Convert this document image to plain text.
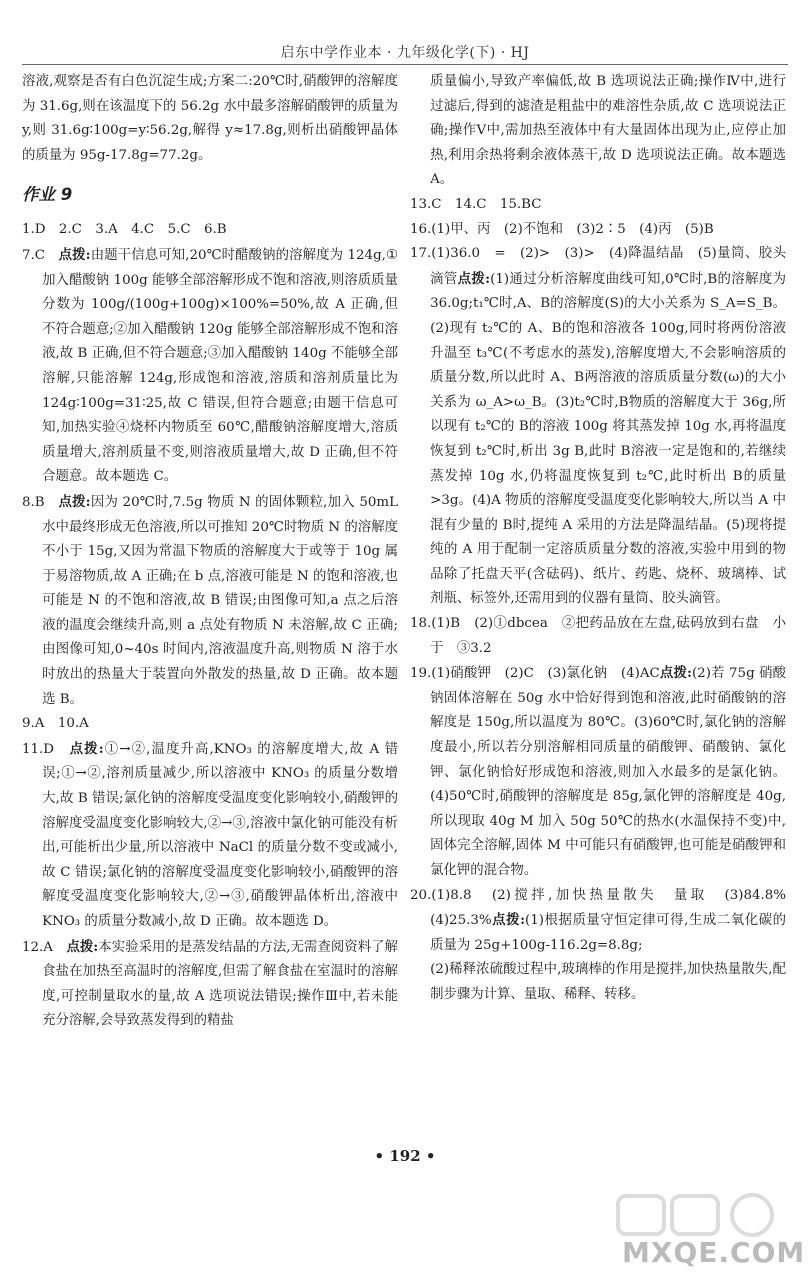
启东中学作业本 · 九年级化学(下) · HJ

溶液,观察是否有白色沉淀生成;方案二:20℃时,硝酸钾的溶解度为 31.6g,则在该温度下的 56.2g 水中最多溶解硝酸钾的质量为 y,则 31.6g∶100g=y∶56.2g,解得 y≈17.8g,则析出硝酸钾晶体的质量为 95g-17.8g=77.2g。

作业 9

1.D　2.C　3.A　4.C　5.C　6.B

7.C　点拨:由题干信息可知,20℃时醋酸钠的溶解度为 124g,①加入醋酸钠 100g 能够全部溶解形成不饱和溶液,则溶质质量分数为 100g/(100g+100g)×100%=50%,故 A 正确,但不符合题意;②加入醋酸钠 120g 能够全部溶解形成不饱和溶液,故 B 正确,但不符合题意;③加入醋酸钠 140g 不能够全部溶解,只能溶解 124g,形成饱和溶液,溶质和溶剂质量比为 124g∶100g=31∶25,故 C 错误,但符合题意;由题干信息可知,加热实验④烧杯内物质至 60℃,醋酸钠溶解度增大,溶质质量增大,溶剂质量不变,则溶液质量增大,故 D 正确,但不符合题意。故本题选 C。

8.B　点拨:因为 20℃时,7.5g 物质 N 的固体颗粒,加入 50mL 水中最终形成无色溶液,所以可推知 20℃时物质 N 的溶解度不小于 15g,又因为常温下物质的溶解度大于或等于 10g 属于易溶物质,故 A 正确;在 b 点,溶液可能是 N 的饱和溶液,也可能是 N 的不饱和溶液,故 B 错误;由图像可知,a 点之后溶液的温度会继续升高,则 a 点处有物质 N 未溶解,故 C 正确;由图像可知,0~40s 时间内,溶液温度升高,则物质 N 溶于水时放出的热量大于装置向外散发的热量,故 D 正确。故本题选 B。

9.A　10.A

11.D　点拨:①→②,温度升高,KNO₃ 的溶解度增大,故 A 错误;①→②,溶剂质量减少,所以溶液中 KNO₃ 的质量分数增大,故 B 错误;氯化钠的溶解度受温度变化影响较小,硝酸钾的溶解度受温度变化影响较大,②→③,溶液中氯化钠可能没有析出,可能析出少量,所以溶液中 NaCl 的质量分数不变或减小,故 C 错误;氯化钠的溶解度受温度变化影响较小,硝酸钾的溶解度受温度变化影响较大,②→③,硝酸钾晶体析出,溶液中 KNO₃ 的质量分数减小,故 D 正确。故本题选 D。

12.A　点拨:本实验采用的是蒸发结晶的方法,无需查阅资料了解食盐在加热至高温时的溶解度,但需了解食盐在室温时的溶解度,可控制量取水的量,故 A 选项说法错误;操作Ⅲ中,若未能充分溶解,会导致蒸发得到的精盐

质量偏小,导致产率偏低,故 B 选项说法正确;操作Ⅳ中,进行过滤后,得到的滤渣是粗盐中的难溶性杂质,故 C 选项说法正确;操作Ⅴ中,需加热至液体中有大量固体出现为止,应停止加热,利用余热将剩余液体蒸干,故 D 选项说法正确。故本题选 A。

13.C　14.C　15.BC

16.(1)甲、丙　(2)不饱和　(3)2∶5　(4)丙　(5)B

17.(1)36.0　=　(2)>　(3)>　(4)降温结晶　(5)量筒、胶头滴管点拨:(1)通过分析溶解度曲线可知,0℃时,B的溶解度为 36.0g;t₁℃时,A、B的溶解度(S)的大小关系为 S_A=S_B。(2)现有 t₂℃的 A、B的饱和溶液各 100g,同时将两份溶液升温至 t₃℃(不考虑水的蒸发),溶解度增大,不会影响溶质的质量分数,所以此时 A、B两溶液的溶质质量分数(ω)的大小关系为 ω_A>ω_B。(3)t₂℃时,B物质的溶解度大于 36g,所以现有 t₂℃的 B的溶液 100g 将其蒸发掉 10g 水,再将温度恢复到 t₂℃时,析出 3g B,此时 B溶液一定是饱和的,若继续蒸发掉 10g 水,仍将温度恢复到 t₂℃,此时析出 B的质量>3g。(4)A 物质的溶解度受温度变化影响较大,所以当 A 中混有少量的 B时,提纯 A 采用的方法是降温结晶。(5)现将提纯的 A 用于配制一定溶质质量分数的溶液,实验中用到的物品除了托盘天平(含砝码)、纸片、药匙、烧杯、玻璃棒、试剂瓶、标签外,还需用到的仪器有量筒、胶头滴管。

18.(1)B　(2)①dbcea　②把药品放在左盘,砝码放到右盘　小于　③3.2

19.(1)硝酸钾　(2)C　(3)氯化钠　(4)AC点拨:(2)若 75g 硝酸钠固体溶解在 50g 水中恰好得到饱和溶液,此时硝酸钠的溶解度是 150g,所以温度为 80℃。(3)60℃时,氯化钠的溶解度最小,所以若分别溶解相同质量的硝酸钾、硝酸钠、氯化钾、氯化钠恰好形成饱和溶液,则加入水最多的是氯化钠。(4)50℃时,硝酸钾的溶解度是 85g,氯化钾的溶解度是 40g,所以现取 40g M 加入 50g 50℃的热水(水温保持不变)中,固体完全溶解,固体 M 中可能只有硝酸钾,也可能是硝酸钾和氯化钾的混合物。

20.(1)8.8　(2)搅拌,加快热量散失　量取　(3)84.8%　(4)25.3%点拨:(1)根据质量守恒定律可得,生成二氧化碳的质量为 25g+100g-116.2g=8.8g;

(2)稀释浓硫酸过程中,玻璃棒的作用是搅拌,加快热量散失,配制步骤为计算、量取、稀释、转移。

• 192 •
MXQE.COM
